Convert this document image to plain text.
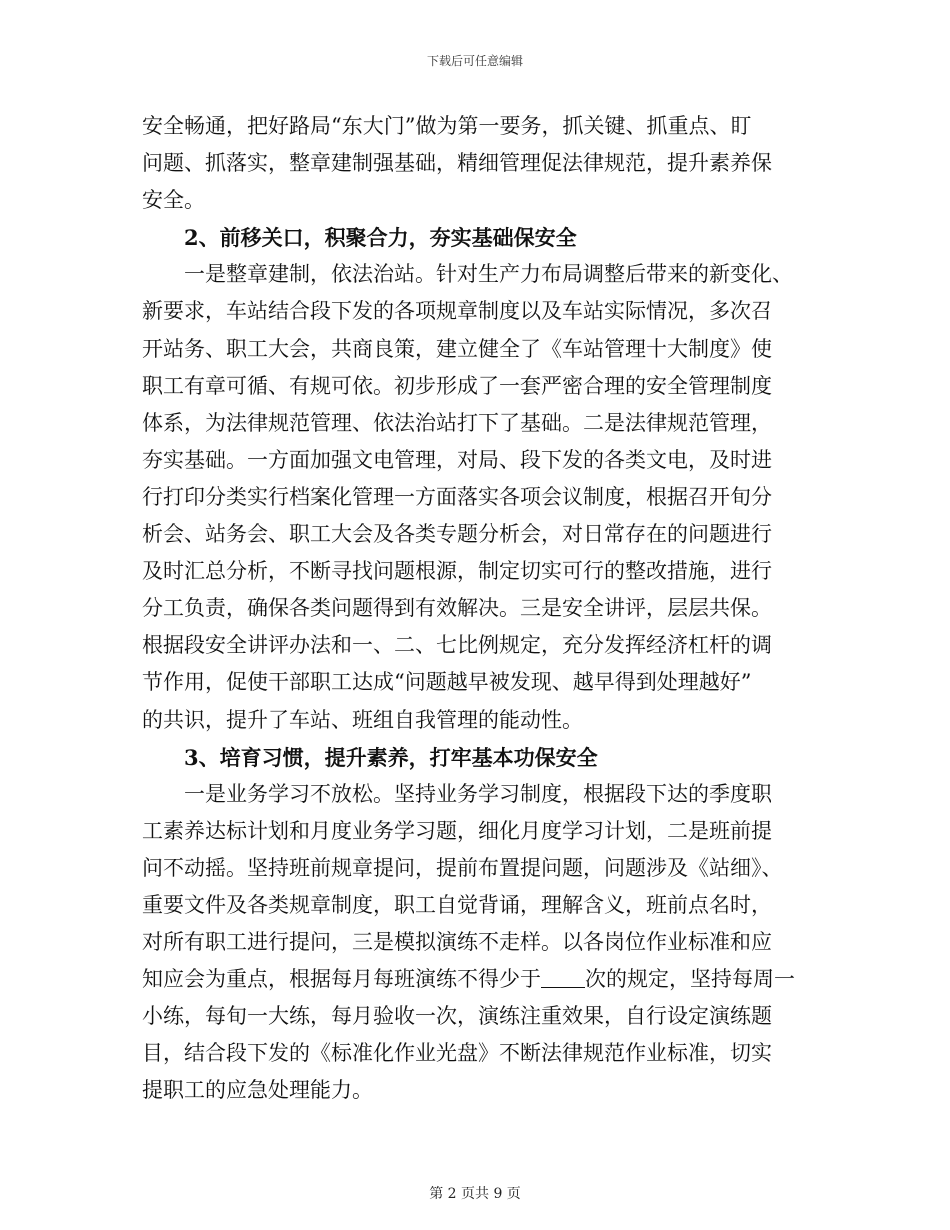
下载后可任意编辑
安全畅通，把好路局“东大门”做为第一要务，抓关键、抓重点、盯
问题、抓落实，整章建制强基础，精细管理促法律规范，提升素养保
安全。
2、前移关口，积聚合力，夯实基础保安全
一是整章建制，依法治站。针对生产力布局调整后带来的新变化、
新要求，车站结合段下发的各项规章制度以及车站实际情况，多次召
开站务、职工大会，共商良策，建立健全了《车站管理十大制度》使
职工有章可循、有规可依。初步形成了一套严密合理的安全管理制度
体系，为法律规范管理、依法治站打下了基础。二是法律规范管理，
夯实基础。一方面加强文电管理，对局、段下发的各类文电，及时进
行打印分类实行档案化管理一方面落实各项会议制度，根据召开旬分
析会、站务会、职工大会及各类专题分析会，对日常存在的问题进行
及时汇总分析，不断寻找问题根源，制定切实可行的整改措施，进行
分工负责，确保各类问题得到有效解决。三是安全讲评，层层共保。
根据段安全讲评办法和一、二、七比例规定，充分发挥经济杠杆的调
节作用，促使干部职工达成“问题越早被发现、越早得到处理越好”
的共识，提升了车站、班组自我管理的能动性。
3、培育习惯，提升素养，打牢基本功保安全
一是业务学习不放松。坚持业务学习制度，根据段下达的季度职
工素养达标计划和月度业务学习题，细化月度学习计划，二是班前提
问不动摇。坚持班前规章提问，提前布置提问题，问题涉及《站细》、
重要文件及各类规章制度，职工自觉背诵，理解含义，班前点名时，
对所有职工进行提问，三是模拟演练不走样。以各岗位作业标准和应
知应会为重点，根据每月每班演练不得少于 次的规定，坚持每周一
小练，每旬一大练，每月验收一次，演练注重效果，自行设定演练题
目，结合段下发的《标准化作业光盘》不断法律规范作业标准，切实
提职工的应急处理能力。
第 2 页共 9 页
